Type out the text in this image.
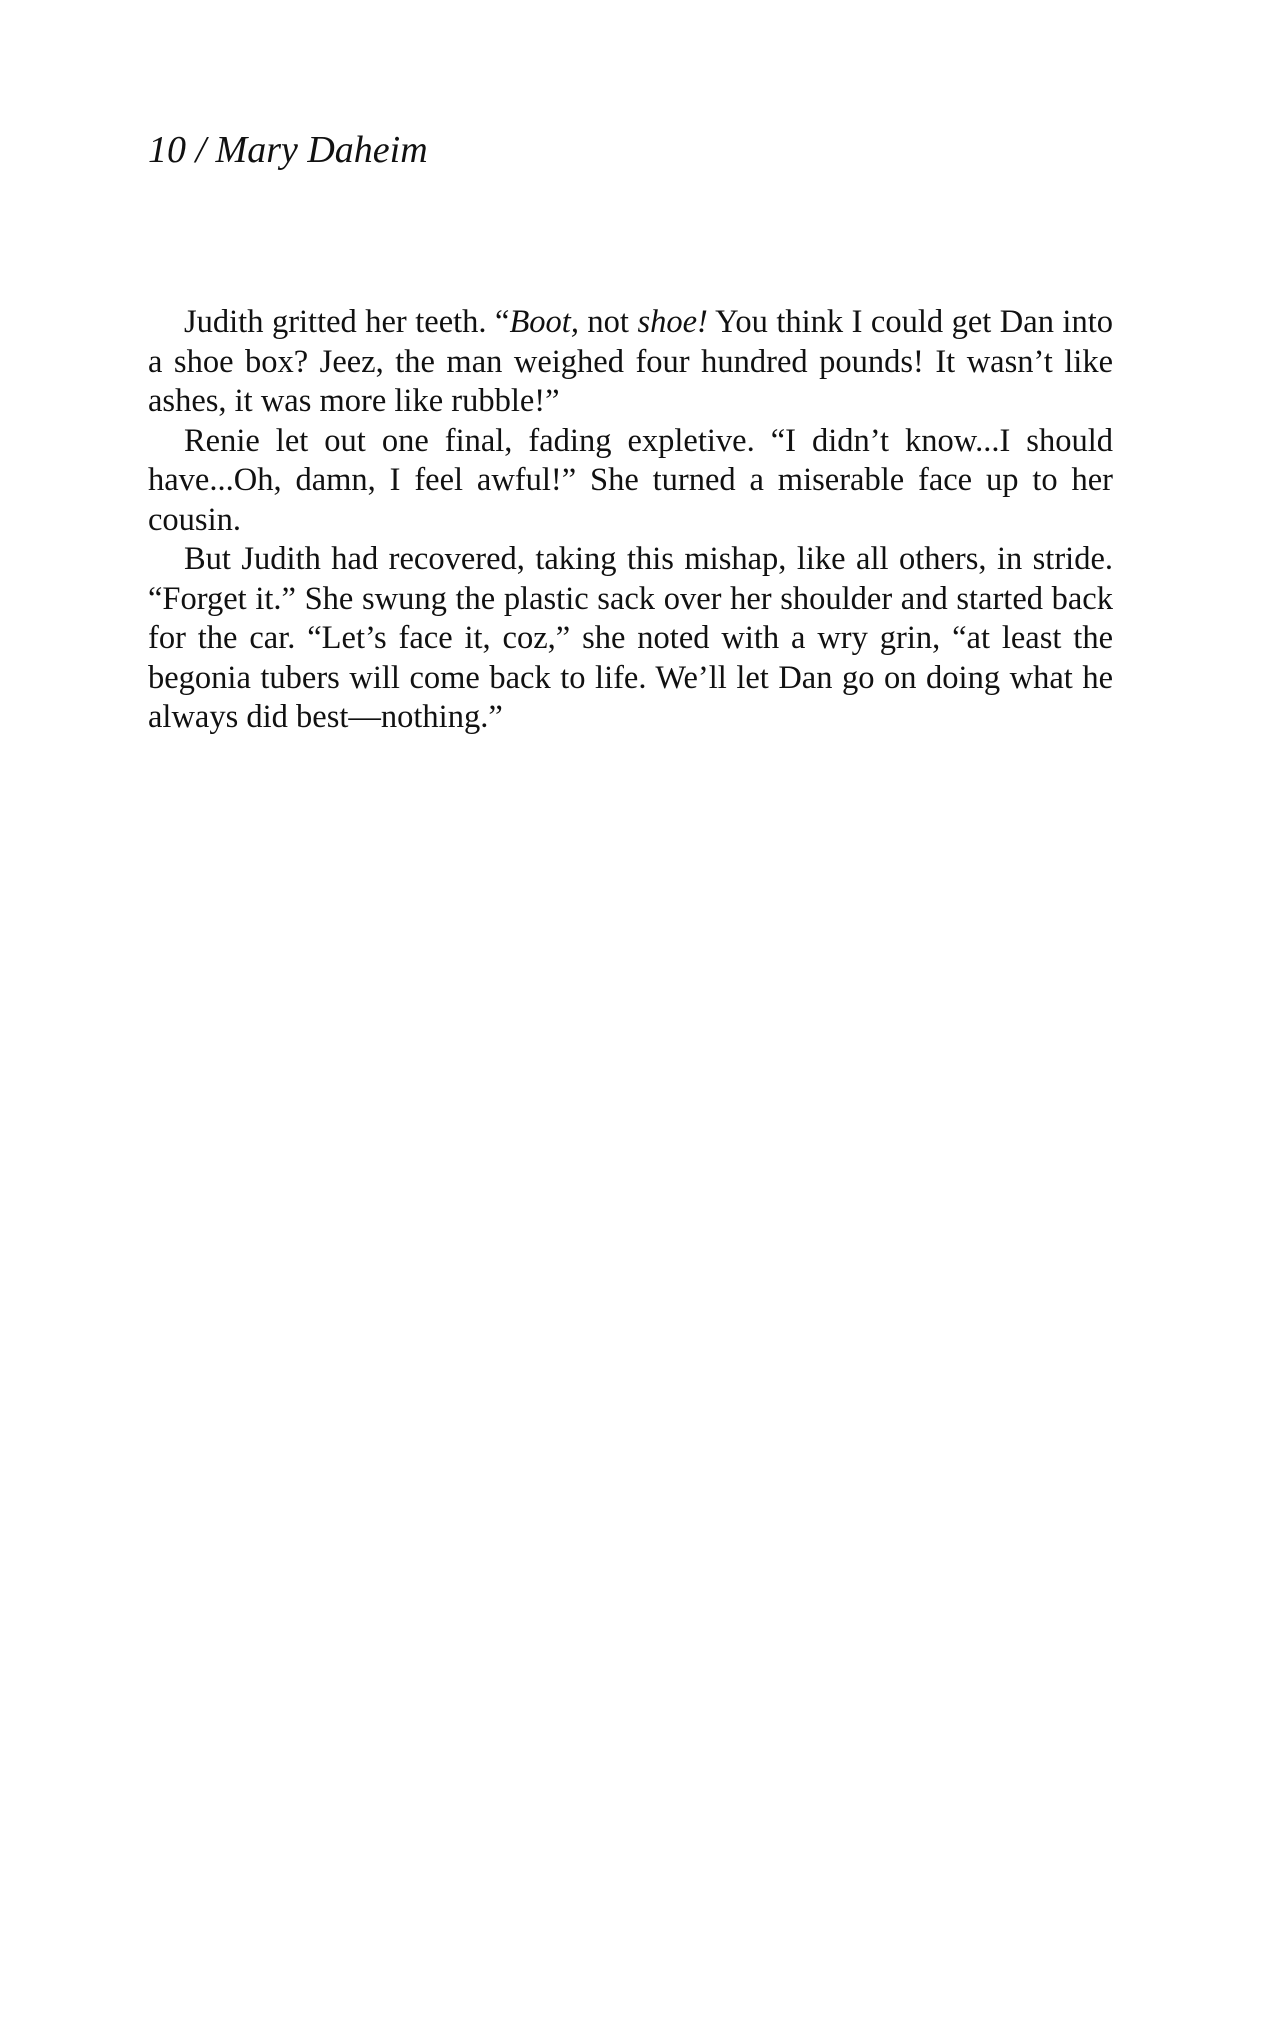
10 / Mary Daheim

Judith gritted her teeth. “Boot, not shoe! You think I could get Dan into a shoe box? Jeez, the man weighed four hundred pounds! It wasn’t like ashes, it was more like rubble!”

Renie let out one final, fading expletive. “I didn’t know...I should have...Oh, damn, I feel awful!” She turned a miserable face up to her cousin.

But Judith had recovered, taking this mishap, like all others, in stride. “Forget it.” She swung the plastic sack over her shoulder and started back for the car. “Let’s face it, coz,” she noted with a wry grin, “at least the begonia tubers will come back to life. We’ll let Dan go on doing what he always did best—nothing.”
